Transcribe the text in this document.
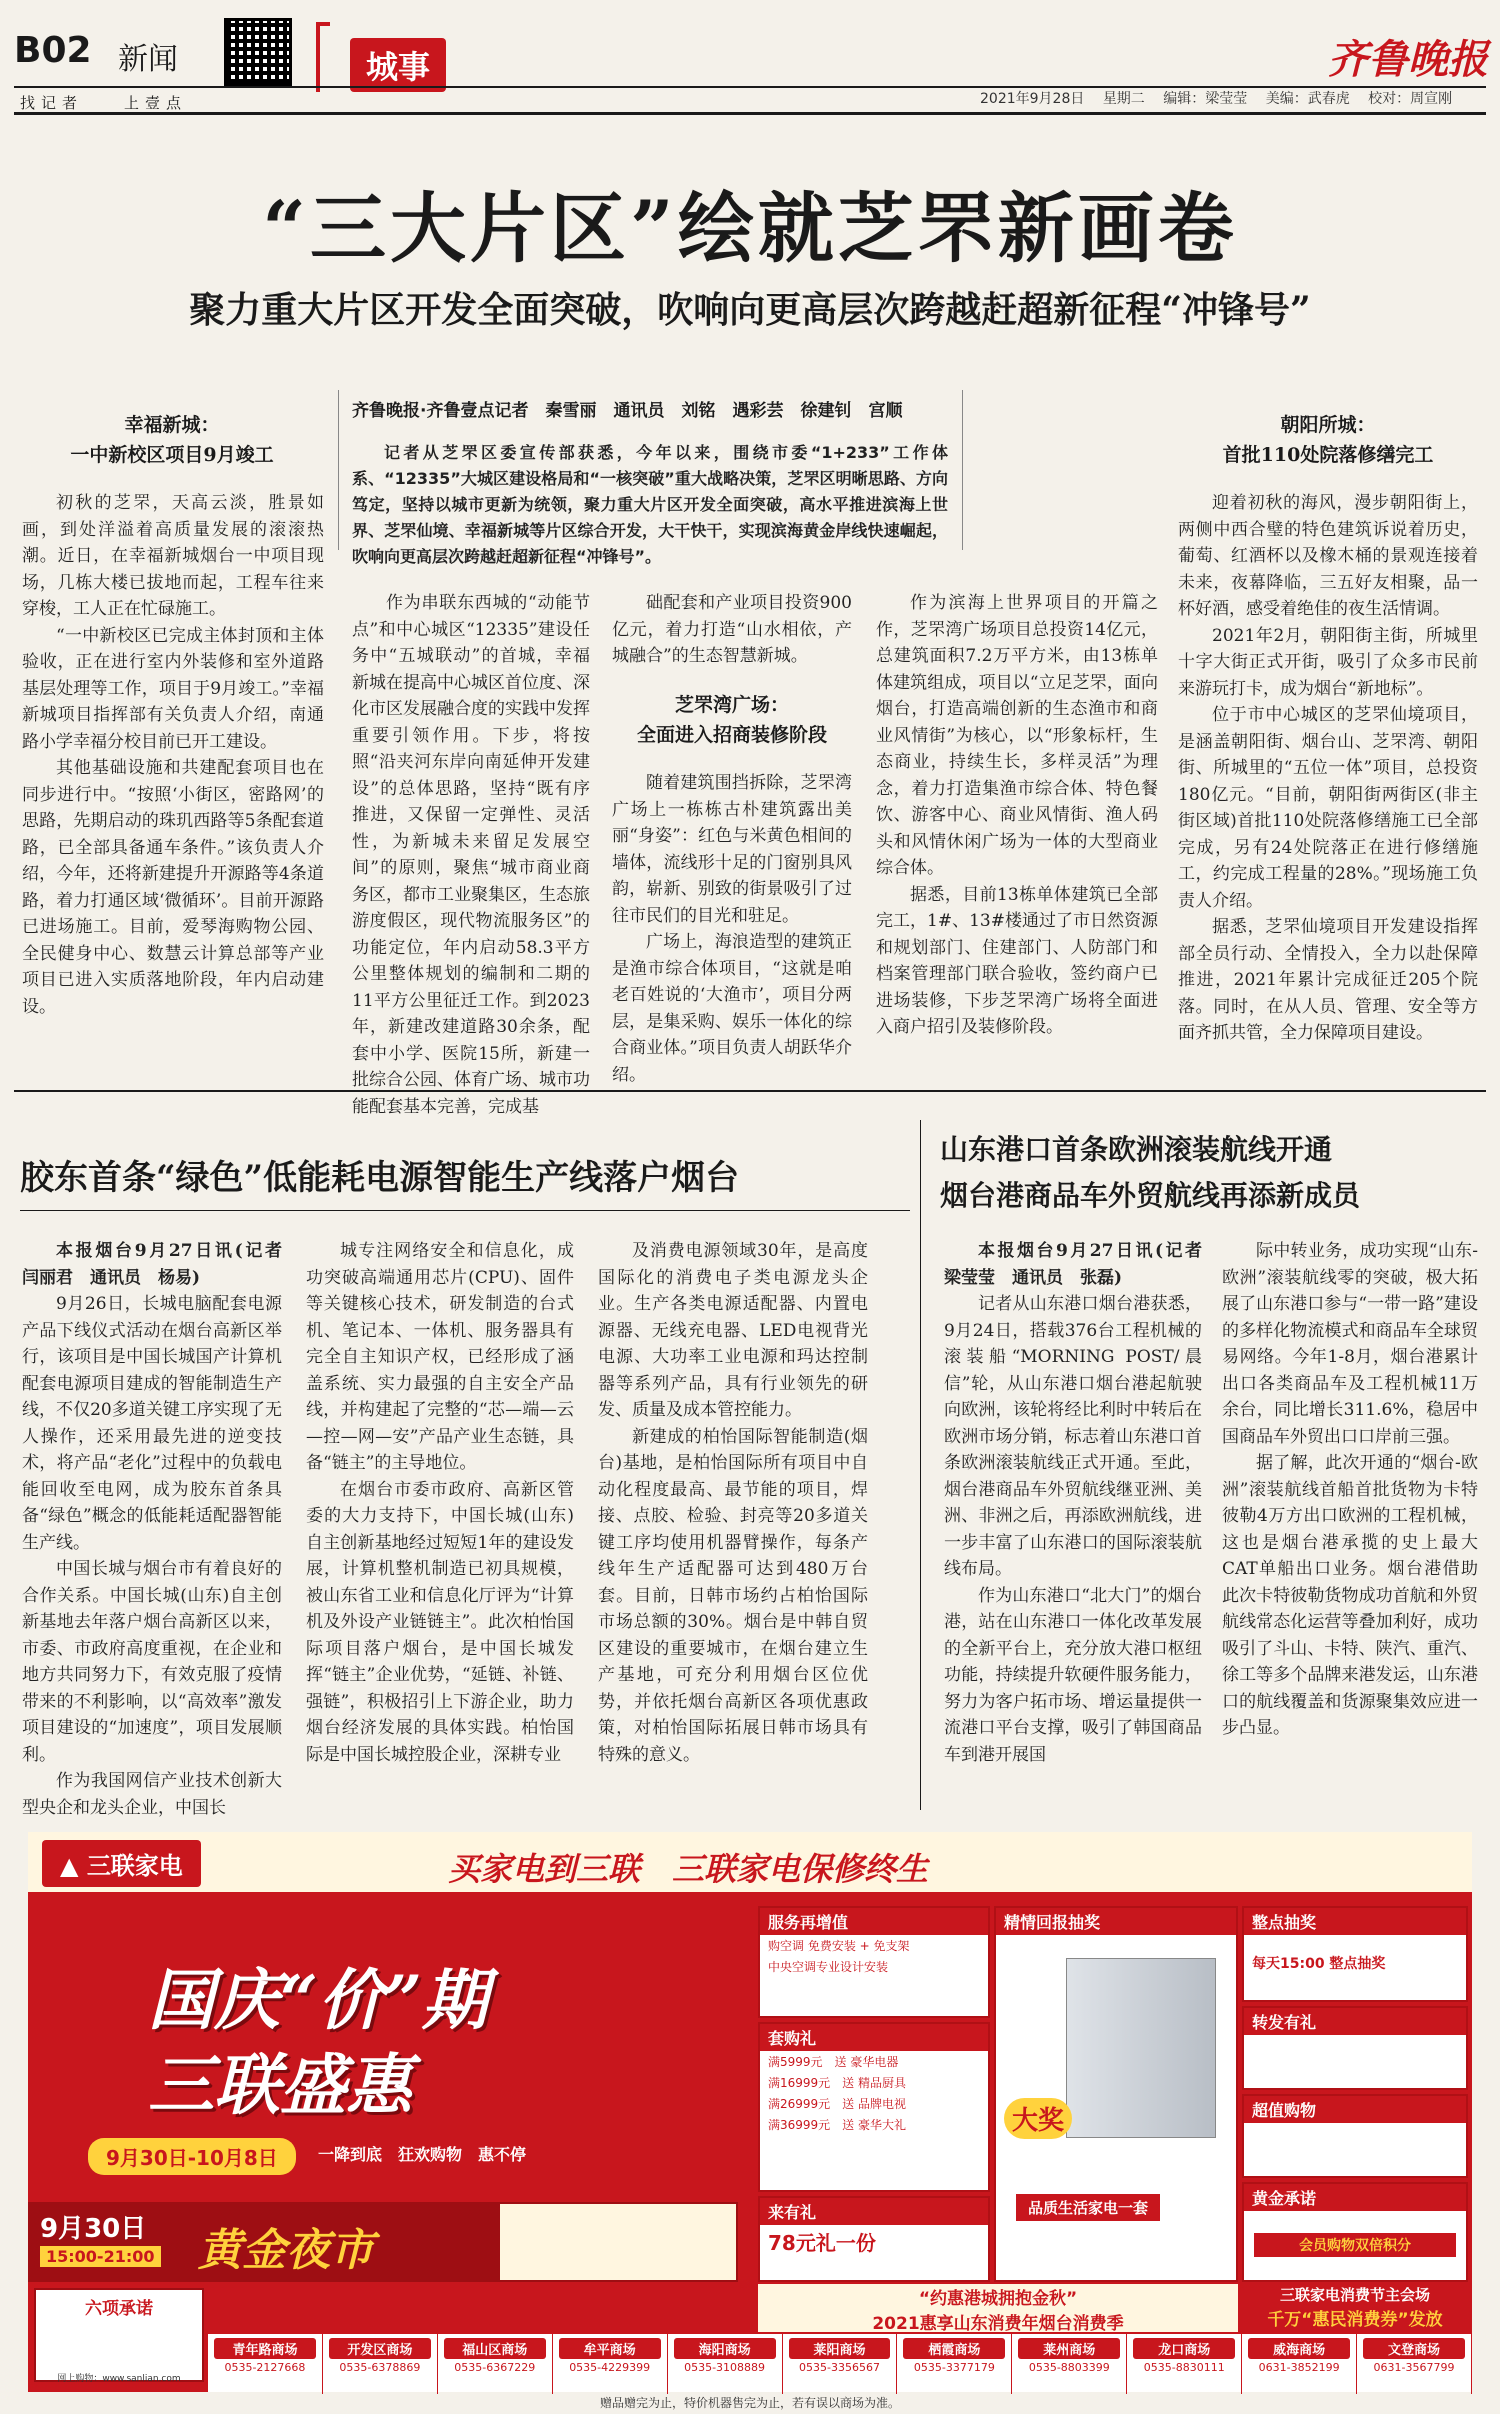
B02 新闻
找记者	上壹点
城事	齐鲁晚报
2021年9月28日　 星期二　 编辑：梁莹莹　 美编：武春虎　 校对：周宣刚
“三大片区”绘就芝罘新画卷
聚力重大片区开发全面突破，吹响向更高层次跨越赶超新征程“冲锋号”
齐鲁晚报·齐鲁壹点记者　秦雪丽　通讯员　刘铭　遇彩芸　徐建钊　宫顺

记者从芝罘区委宣传部获悉，今年以来，围绕市委“1+233”工作体系、“12335”大城区建设格局和“一核突破”重大战略决策，芝罘区明晰思路、方向笃定，坚持以城市更新为统领，聚力重大片区开发全面突破，高水平推进滨海上世界、芝罘仙境、幸福新城等片区综合开发，大干快干，实现滨海黄金岸线快速崛起，吹响向更高层次跨越赶超新征程“冲锋号”。

幸福新城：
一中新校区项目9月竣工

初秋的芝罘，天高云淡，胜景如画，到处洋溢着高质量发展的滚滚热潮。近日，在幸福新城烟台一中项目现场，几栋大楼已拔地而起，工程车往来穿梭，工人正在忙碌施工。

“一中新校区已完成主体封顶和主体验收，正在进行室内外装修和室外道路基层处理等工作，项目于9月竣工。”幸福新城项目指挥部有关负责人介绍，南通路小学幸福分校目前已开工建设。

其他基础设施和共建配套项目也在同步进行中。“按照‘小街区，密路网’的思路，先期启动的珠玑西路等5条配套道路，已全部具备通车条件。”该负责人介绍，今年，还将新建提升开源路等4条道路，着力打通区域‘微循环’。目前开源路已进场施工。目前，爱琴海购物公园、全民健身中心、数慧云计算总部等产业项目已进入实质落地阶段，年内启动建设。

朝阳所城：
首批110处院落修缮完工

迎着初秋的海风，漫步朝阳街上，两侧中西合璧的特色建筑诉说着历史，葡萄、红酒杯以及橡木桶的景观连接着未来，夜幕降临，三五好友相聚，品一杯好酒，感受着绝佳的夜生活情调。

2021年2月，朝阳街主街，所城里十字大街正式开街，吸引了众多市民前来游玩打卡，成为烟台“新地标”。

位于市中心城区的芝罘仙境项目，是涵盖朝阳街、烟台山、芝罘湾、朝阳街、所城里的“五位一体”项目，总投资180亿元。“目前，朝阳街两街区(非主街区域)首批110处院落修缮施工已全部完成，另有24处院落正在进行修缮施工，约完成工程量的28%。”现场施工负责人介绍。

据悉，芝罘仙境项目开发建设指挥部全员行动、全情投入，全力以赴保障推进，2021年累计完成征迁205个院落。同时，在从人员、管理、安全等方面齐抓共管，全力保障项目建设。

作为串联东西城的“动能节点”和中心城区“12335”建设任务中“五城联动”的首城，幸福新城在提高中心城区首位度、深化市区发展融合度的实践中发挥重要引领作用。下步，将按照“沿夹河东岸向南延伸开发建设”的总体思路，坚持“既有序推进，又保留一定弹性、灵活性，为新城未来留足发展空间”的原则，聚焦“城市商业商务区，都市工业聚集区，生态旅游度假区，现代物流服务区”的功能定位，年内启动58.3平方公里整体规划的编制和二期的11平方公里征迁工作。到2023年，新建改建道路30余条，配套中小学、医院15所，新建一批综合公园、体育广场、城市功能配套基本完善，完成基

础配套和产业项目投资900亿元，着力打造“山水相依，产城融合”的生态智慧新城。

芝罘湾广场：
全面进入招商装修阶段

随着建筑围挡拆除，芝罘湾广场上一栋栋古朴建筑露出美丽“身姿”：红色与米黄色相间的墙体，流线形十足的门窗别具风韵，崭新、别致的街景吸引了过往市民们的目光和驻足。

广场上，海浪造型的建筑正是渔市综合体项目，“这就是咱老百姓说的‘大渔市’，项目分两层，是集采购、娱乐一体化的综合商业体。”项目负责人胡跃华介绍。

作为滨海上世界项目的开篇之作，芝罘湾广场项目总投资14亿元，总建筑面积7.2万平方米，由13栋单体建筑组成，项目以“立足芝罘，面向烟台，打造高端创新的生态渔市和商业风情街”为核心，以“形象标杆，生态商业，持续生长，多样灵活”为理念，着力打造集渔市综合体、特色餐饮、游客中心、商业风情街、渔人码头和风情休闲广场为一体的大型商业综合体。

据悉，目前13栋单体建筑已全部完工，1#、13#楼通过了市日然资源和规划部门、住建部门、人防部门和档案管理部门联合验收，签约商户已进场装修，下步芝罘湾广场将全面进入商户招引及装修阶段。

胶东首条“绿色”低能耗电源智能生产线落户烟台

本报烟台9月27日讯(记者　闫丽君　通讯员　杨易)

9月26日，长城电脑配套电源产品下线仪式活动在烟台高新区举行，该项目是中国长城国产计算机配套电源项目建成的智能制造生产线，不仅20多道关键工序实现了无人操作，还采用最先进的逆变技术，将产品“老化”过程中的负载电能回收至电网，成为胶东首条具备“绿色”概念的低能耗适配器智能生产线。

中国长城与烟台市有着良好的合作关系。中国长城(山东)自主创新基地去年落户烟台高新区以来，市委、市政府高度重视，在企业和地方共同努力下，有效克服了疫情带来的不利影响，以“高效率”激发项目建设的“加速度”，项目发展顺利。

作为我国网信产业技术创新大型央企和龙头企业，中国长

城专注网络安全和信息化，成功突破高端通用芯片(CPU)、固件等关键核心技术，研发制造的台式机、笔记本、一体机、服务器具有完全自主知识产权，已经形成了涵盖系统、实力最强的自主安全产品线，并构建起了完整的“芯—端—云—控—网—安”产品产业生态链，具备“链主”的主导地位。

在烟台市委市政府、高新区管委的大力支持下，中国长城(山东)自主创新基地经过短短1年的建设发展，计算机整机制造已初具规模，被山东省工业和信息化厅评为“计算机及外设产业链链主”。此次柏怡国际项目落户烟台，是中国长城发挥“链主”企业优势，“延链、补链、强链”，积极招引上下游企业，助力烟台经济发展的具体实践。柏怡国际是中国长城控股企业，深耕专业

及消费电源领域30年，是高度国际化的消费电子类电源龙头企业。生产各类电源适配器、内置电源器、无线充电器、LED电视背光电源、大功率工业电源和玛达控制器等系列产品，具有行业领先的研发、质量及成本管控能力。

新建成的柏怡国际智能制造(烟台)基地，是柏怡国际所有项目中自动化程度最高、最节能的项目，焊接、点胶、检验、封亮等20多道关键工序均使用机器臂操作，每条产线年生产适配器可达到480万台套。目前，日韩市场约占柏怡国际市场总额的30%。烟台是中韩自贸区建设的重要城市，在烟台建立生产基地，可充分利用烟台区位优势，并依托烟台高新区各项优惠政策，对柏怡国际拓展日韩市场具有特殊的意义。

山东港口首条欧洲滚装航线开通
烟台港商品车外贸航线再添新成员

本报烟台9月27日讯(记者　梁莹莹　通讯员　张磊)

记者从山东港口烟台港获悉，9月24日，搭载376台工程机械的滚装船“MORNING POST/晨信”轮，从山东港口烟台港起航驶向欧洲，该轮将经比利时中转后在欧洲市场分销，标志着山东港口首条欧洲滚装航线正式开通。至此，烟台港商品车外贸航线继亚洲、美洲、非洲之后，再添欧洲航线，进一步丰富了山东港口的国际滚装航线布局。

作为山东港口“北大门”的烟台港，站在山东港口一体化改革发展的全新平台上，充分放大港口枢纽功能，持续提升软硬件服务能力，努力为客户拓市场、增运量提供一流港口平台支撑，吸引了韩国商品车到港开展国

际中转业务，成功实现“山东-欧洲”滚装航线零的突破，极大拓展了山东港口参与“一带一路”建设的多样化物流模式和商品车全球贸易网络。今年1-8月，烟台港累计出口各类商品车及工程机械11万余台，同比增长311.6%，稳居中国商品车外贸出口口岸前三强。

据了解，此次开通的“烟台-欧洲”滚装航线首船首批货物为卡特彼勒4万方出口欧洲的工程机械，这也是烟台港承揽的史上最大CAT单船出口业务。烟台港借助此次卡特彼勒货物成功首航和外贸航线常态化运营等叠加利好，成功吸引了斗山、卡特、陕汽、重汽、徐工等多个品牌来港发运，山东港口的航线覆盖和货源聚集效应进一步凸显。

▲ 三联家电	买家电到三联　三联家电保修终生
国庆“价”期
三联盛惠
9月30日-10月8日	一降到底　狂欢购物　惠不停
9月30日
15:00-21:00 黄金夜市
六项承诺
网上购物：www.sanlian.com
服务再增值
购空调 免费安装 + 免支架
中央空调专业设计安装
套购礼
满5999元　送 豪华电器
满16999元　送 精品厨具
满26999元　送 品牌电视
满36999元　送 豪华大礼
来有礼
78元礼一份
精情回报抽奖
大奖
品质生活家电一套
整点抽奖
每天15:00 整点抽奖
转发有礼
超值购物
黄金承诺
会员购物双倍积分
“约惠港城拥抱金秋”
2021惠享山东消费年烟台消费季
三联家电消费节主会场
千万“惠民消费券”发放
青年路商场
0535-2127668
开发区商场
0535-6378869
福山区商场
0535-6367229
牟平商场
0535-4229399
海阳商场
0535-3108889
莱阳商场
0535-3356567
栖霞商场
0535-3377179
莱州商场
0535-8803399
龙口商场
0535-8830111
威海商场
0631-3852199
文登商场
0631-3567799
赠品赠完为止，特价机器售完为止，若有误以商场为准。
